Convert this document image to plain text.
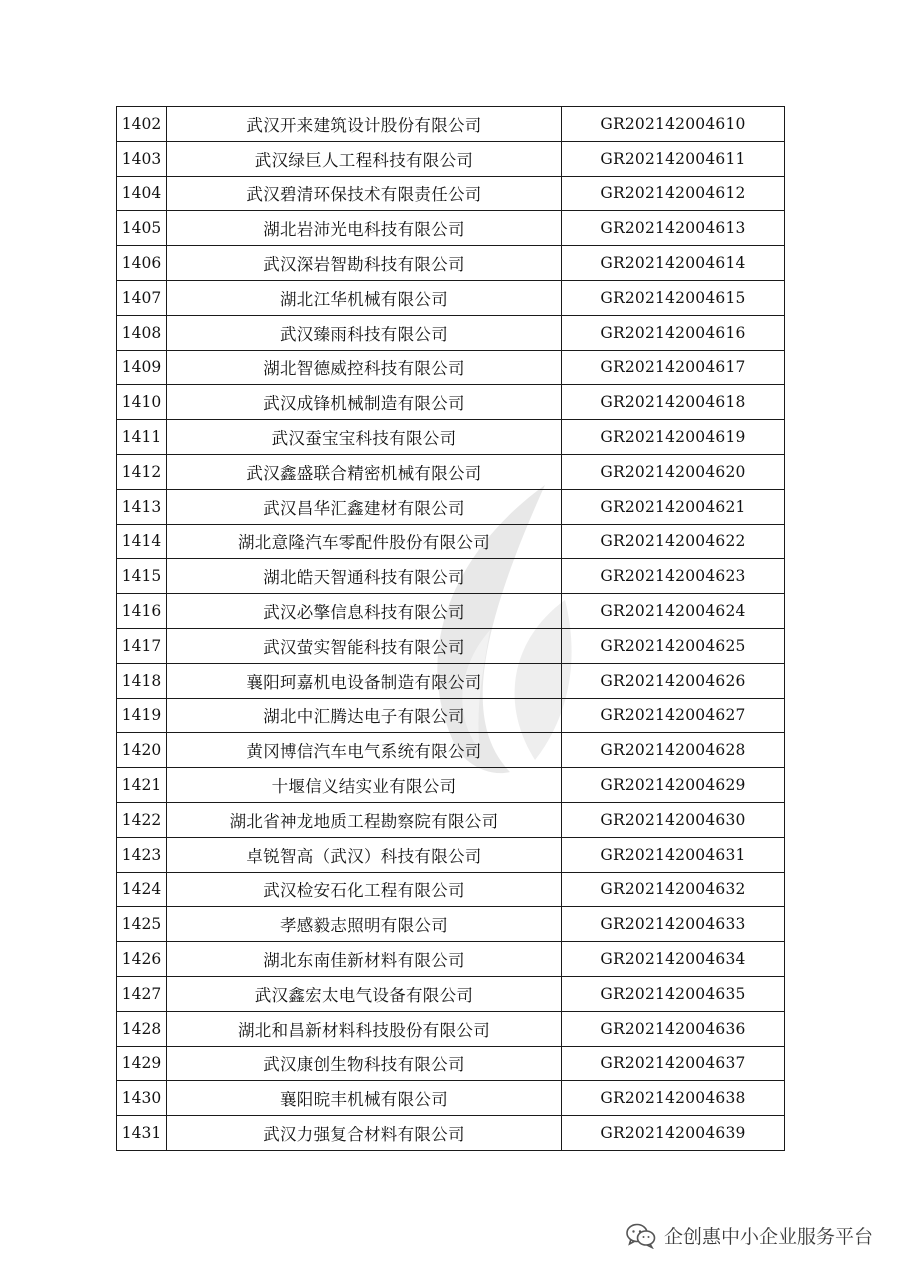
1402	武汉开来建筑设计股份有限公司	GR202142004610
1403	武汉绿巨人工程科技有限公司	GR202142004611
1404	武汉碧清环保技术有限责任公司	GR202142004612
1405	湖北岩沛光电科技有限公司	GR202142004613
1406	武汉深岩智勘科技有限公司	GR202142004614
1407	湖北江华机械有限公司	GR202142004615
1408	武汉臻雨科技有限公司	GR202142004616
1409	湖北智德威控科技有限公司	GR202142004617
1410	武汉成锋机械制造有限公司	GR202142004618
1411	武汉蚕宝宝科技有限公司	GR202142004619
1412	武汉鑫盛联合精密机械有限公司	GR202142004620
1413	武汉昌华汇鑫建材有限公司	GR202142004621
1414	湖北意隆汽车零配件股份有限公司	GR202142004622
1415	湖北皓天智通科技有限公司	GR202142004623
1416	武汉必擎信息科技有限公司	GR202142004624
1417	武汉萤实智能科技有限公司	GR202142004625
1418	襄阳珂嘉机电设备制造有限公司	GR202142004626
1419	湖北中汇腾达电子有限公司	GR202142004627
1420	黄冈博信汽车电气系统有限公司	GR202142004628
1421	十堰信义结实业有限公司	GR202142004629
1422	湖北省神龙地质工程勘察院有限公司	GR202142004630
1423	卓锐智高（武汉）科技有限公司	GR202142004631
1424	武汉检安石化工程有限公司	GR202142004632
1425	孝感毅志照明有限公司	GR202142004633
1426	湖北东南佳新材料有限公司	GR202142004634
1427	武汉鑫宏太电气设备有限公司	GR202142004635
1428	湖北和昌新材料科技股份有限公司	GR202142004636
1429	武汉康创生物科技有限公司	GR202142004637
1430	襄阳晥丰机械有限公司	GR202142004638
1431	武汉力强复合材料有限公司	GR202142004639
企创惠中小企业服务平台
